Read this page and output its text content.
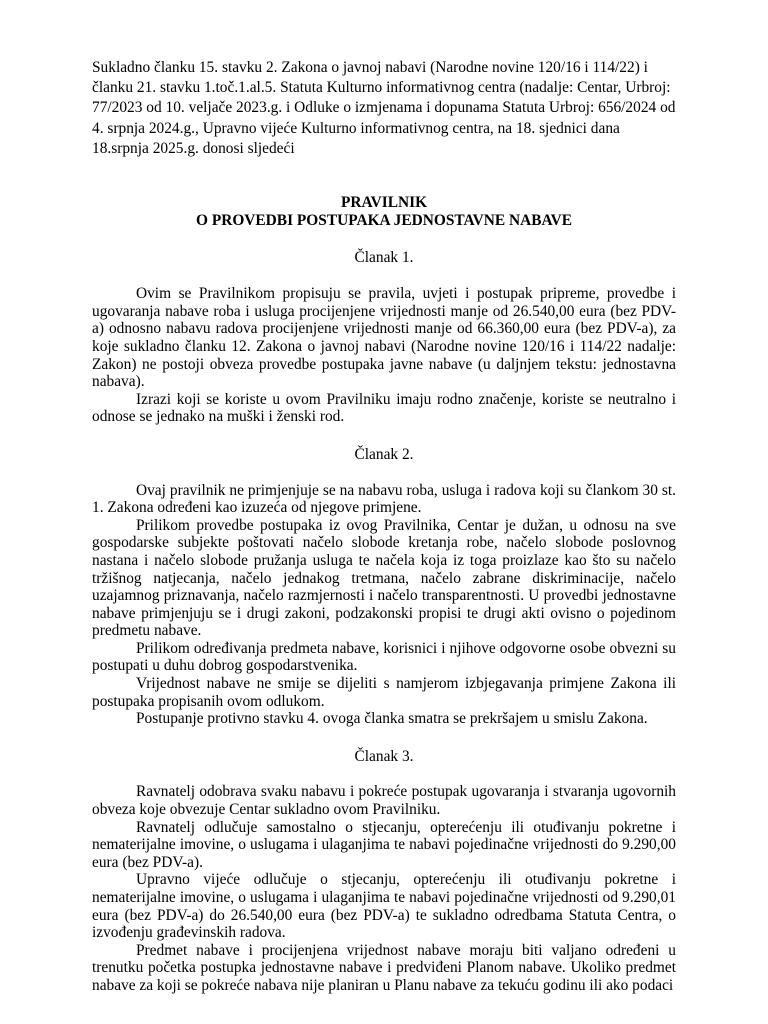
Sukladno članku 15. stavku 2. Zakona o javnoj nabavi (Narodne novine 120/16 i 114/22) i članku 21. stavku 1.toč.1.al.5. Statuta Kulturno informativnog centra (nadalje: Centar, Urbroj: 77/2023 od 10. veljače 2023.g. i Odluke o izmjenama i dopunama Statuta Urbroj: 656/2024 od 4. srpnja 2024.g., Upravno vijeće Kulturno informativnog centra, na 18. sjednici dana 18.srpnja 2025.g. donosi sljedeći

PRAVILNIK

O PROVEDBI POSTUPAKA JEDNOSTAVNE NABAVE

Članak 1.

Ovim se Pravilnikom propisuju se pravila, uvjeti i postupak pripreme, provedbe i ugovaranja nabave roba i usluga procijenjene vrijednosti manje od 26.540,00 eura (bez PDV-a) odnosno nabavu radova procijenjene vrijednosti manje od 66.360,00 eura (bez PDV-a), za koje sukladno članku 12. Zakona o javnoj nabavi (Narodne novine 120/16 i 114/22 nadalje: Zakon) ne postoji obveza provedbe postupaka javne nabave (u daljnjem tekstu: jednostavna nabava).

Izrazi koji se koriste u ovom Pravilniku imaju rodno značenje, koriste se neutralno i odnose se jednako na muški i ženski rod.

Članak 2.

Ovaj pravilnik ne primjenjuje se na nabavu roba, usluga i radova koji su člankom 30 st. 1. Zakona određeni kao izuzeća od njegove primjene.

Prilikom provedbe postupaka iz ovog Pravilnika, Centar je dužan, u odnosu na sve gospodarske subjekte poštovati načelo slobode kretanja robe, načelo slobode poslovnog nastana i načelo slobode pružanja usluga te načela koja iz toga proizlaze kao što su načelo tržišnog natjecanja, načelo jednakog tretmana, načelo zabrane diskriminacije, načelo uzajamnog priznavanja, načelo razmjernosti i načelo transparentnosti. U provedbi jednostavne nabave primjenjuju se i drugi zakoni, podzakonski propisi te drugi akti ovisno o pojedinom predmetu nabave.

Prilikom određivanja predmeta nabave, korisnici i njihove odgovorne osobe obvezni su postupati u duhu dobrog gospodarstvenika.

Vrijednost nabave ne smije se dijeliti s namjerom izbjegavanja primjene Zakona ili postupaka propisanih ovom odlukom.

Postupanje protivno stavku 4. ovoga članka smatra se prekršajem u smislu Zakona.

Članak 3.

Ravnatelj odobrava svaku nabavu i pokreće postupak ugovaranja i stvaranja ugovornih obveza koje obvezuje Centar sukladno ovom Pravilniku.

Ravnatelj odlučuje samostalno o stjecanju, opterećenju ili otuđivanju pokretne i nematerijalne imovine, o uslugama i ulaganjima te nabavi pojedinačne vrijednosti do 9.290,00 eura (bez PDV-a).

Upravno vijeće odlučuje o stjecanju, opterećenju ili otuđivanju pokretne i nematerijalne imovine, o uslugama i ulaganjima te nabavi pojedinačne vrijednosti od 9.290,01 eura (bez PDV-a) do 26.540,00 eura (bez PDV-a) te sukladno odredbama Statuta Centra, o izvođenju građevinskih radova.

Predmet nabave i procijenjena vrijednost nabave moraju biti valjano određeni u trenutku početka postupka jednostavne nabave i predviđeni Planom nabave. Ukoliko predmet nabave za koji se pokreće nabava nije planiran u Planu nabave za tekuću godinu ili ako podaci
